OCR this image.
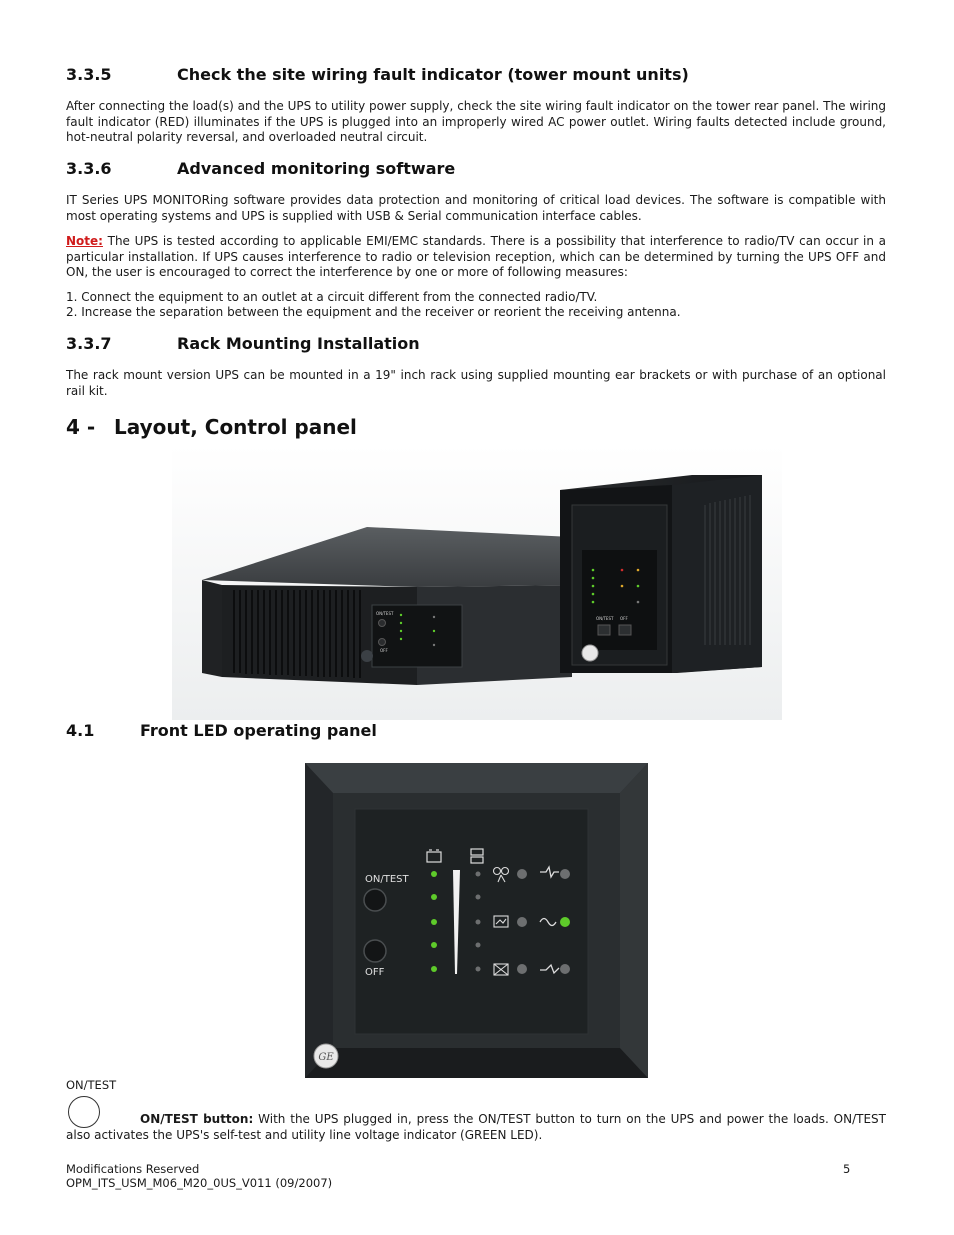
3.3.5	Check the site wiring fault indicator (tower mount units)
After connecting the load(s) and the UPS to utility power supply, check the site wiring fault indicator on the tower rear panel. The wiring fault indicator (RED) illuminates if the UPS is plugged into an improperly wired AC power outlet. Wiring faults detected include ground, hot-neutral polarity reversal, and overloaded neutral circuit.
3.3.6	Advanced monitoring software
IT Series UPS MONITORing software provides data protection and monitoring of critical load devices. The software is compatible with most operating systems and UPS is supplied with USB & Serial communication interface cables.
Note: The UPS is tested according to applicable EMI/EMC standards. There is a possibility that interference to radio/TV can occur in a particular installation. If UPS causes interference to radio or television reception, which can be determined by turning the UPS OFF and ON, the user is encouraged to correct the interference by one or more of following measures:
1. Connect the equipment to an outlet at a circuit different from the connected radio/TV.
2. Increase the separation between the equipment and the receiver or reorient the receiving antenna.
3.3.7	Rack Mounting Installation
The rack mount version UPS can be mounted in a 19" inch rack using supplied mounting ear brackets or with purchase of an optional rail kit.
4 - Layout, Control panel
ON/TEST
OFF
ON/TEST OFF
4.1	Front LED operating panel
ON/TEST
OFF
GE
ON/TEST
ON/TEST button: With the UPS plugged in, press the ON/TEST button to turn on the UPS and power the loads. ON/TEST also activates the UPS's self-test and utility line voltage indicator (GREEN LED).
Modifications Reserved
OPM_ITS_USM_M06_M20_0US_V011 (09/2007)
5
